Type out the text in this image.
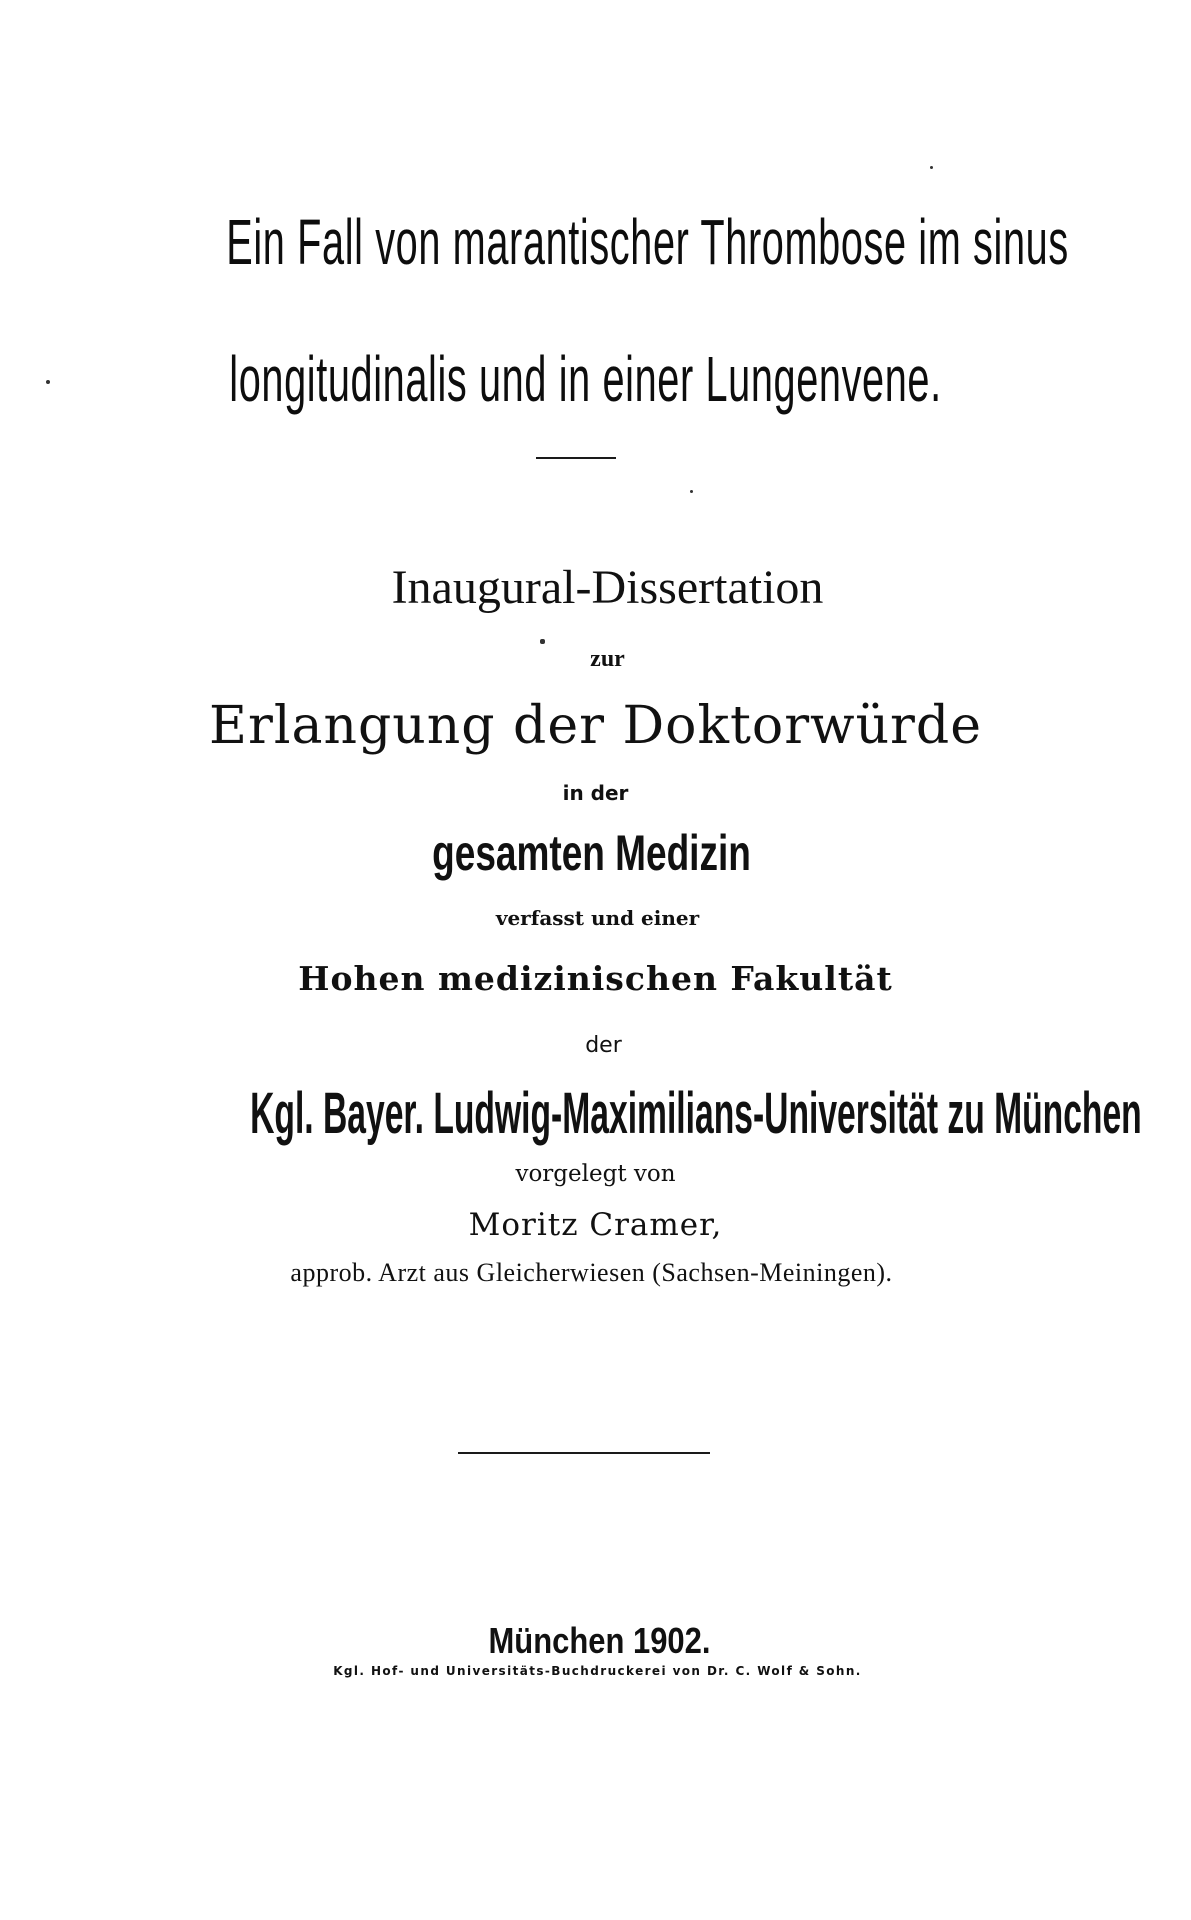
Ein Fall von marantischer Thrombose im sinus
longitudinalis und in einer Lungenvene.
Inaugural-Dissertation
zur
Erlangung der Doktorwürde
in der
gesamten Medizin
verfasst und einer
Hohen medizinischen Fakultät
der
Kgl. Bayer. Ludwig-Maximilians-Universität zu München
vorgelegt von
Moritz Cramer,
approb. Arzt aus Gleicherwiesen (Sachsen-Meiningen).
München 1902.
Kgl. Hof- und Universitäts-Buchdruckerei von Dr. C. Wolf & Sohn.
